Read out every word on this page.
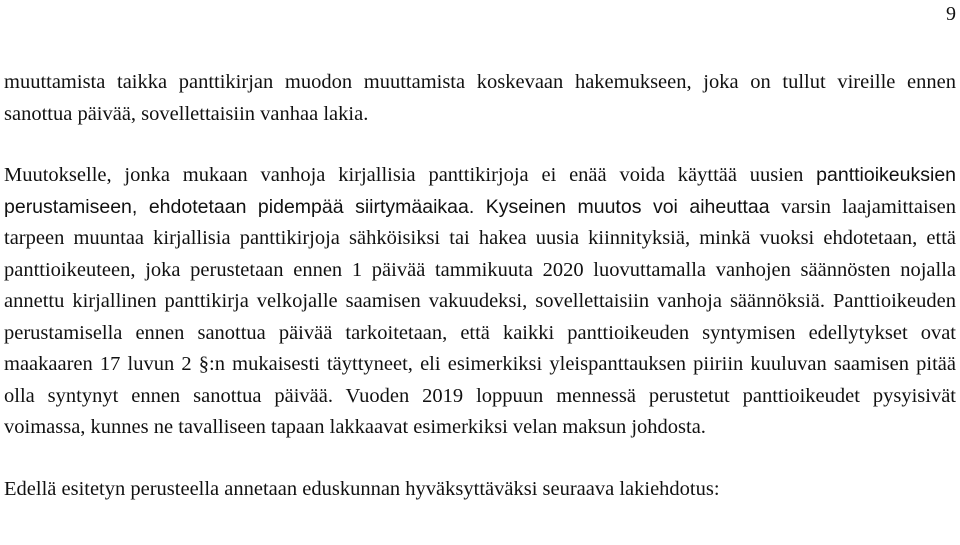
9

muuttamista taikka panttikirjan muodon muuttamista koskevaan hakemukseen, joka on tullut vireille ennen sanottua päivää, sovellettaisiin vanhaa lakia.

Muutokselle, jonka mukaan vanhoja kirjallisia panttikirjoja ei enää voida käyttää uusien panttioikeuksien perustamiseen, ehdotetaan pidempää siirtymäaikaa. Kyseinen muutos voi aiheuttaa varsin laajamittaisen tarpeen muuntaa kirjallisia panttikirjoja sähköisiksi tai hakea uusia kiinnityksiä, minkä vuoksi ehdotetaan, että panttioikeuteen, joka perustetaan ennen 1 päivää tammikuuta 2020 luovuttamalla vanhojen säännösten nojalla annettu kirjallinen panttikirja velkojalle saamisen vakuudeksi, sovellettaisiin vanhoja säännöksiä. Panttioikeuden perustamisella ennen sanottua päivää tarkoitetaan, että kaikki panttioikeuden syntymisen edellytykset ovat maakaaren 17 luvun 2 §:n mukaisesti täyttyneet, eli esimerkiksi yleispanttauksen piiriin kuuluvan saamisen pitää olla syntynyt ennen sanottua päivää. Vuoden 2019 loppuun mennessä perustetut panttioikeudet pysyisivät voimassa, kunnes ne tavalliseen tapaan lakkaavat esimerkiksi velan maksun johdosta.

Edellä esitetyn perusteella annetaan eduskunnan hyväksyttäväksi seuraava lakiehdotus:
